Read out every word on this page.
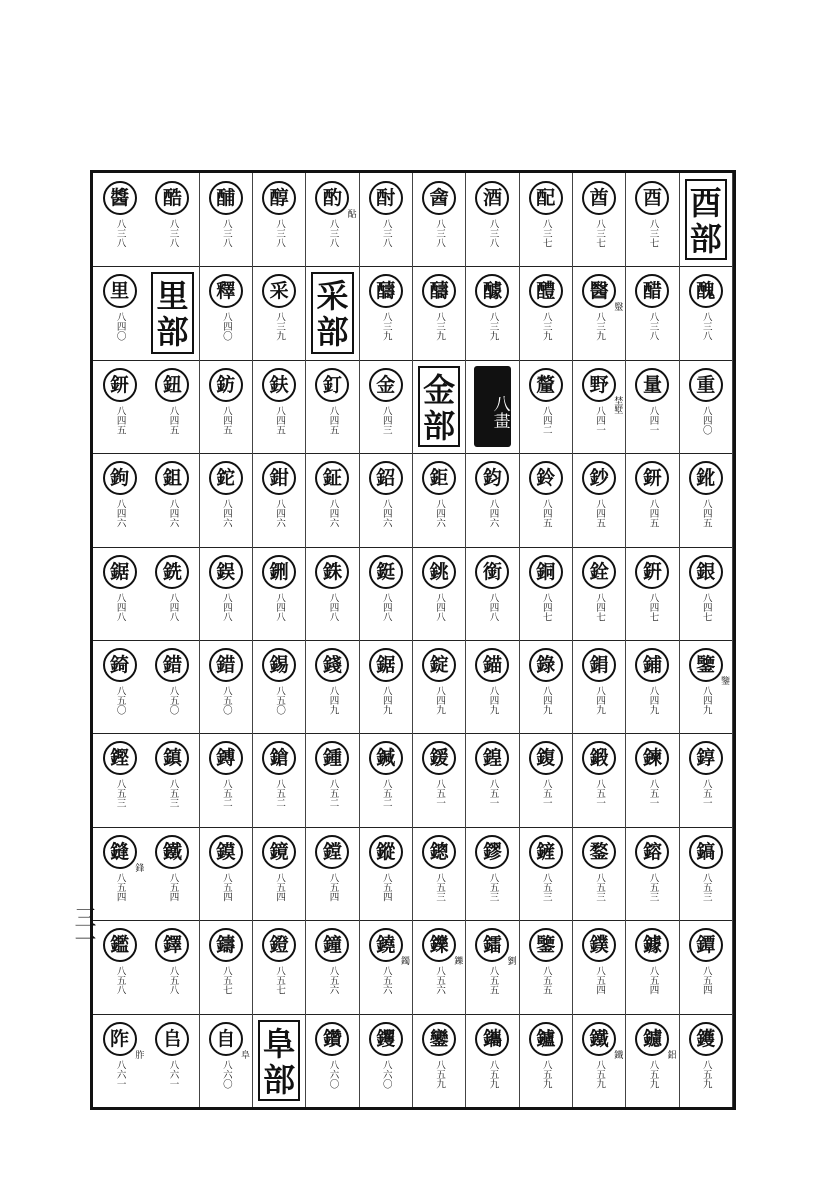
酉
部
酉
八三七
酋
八三七
配
八三七
酒
八三八
酓
八三八
酎
八三八
酌
八三八
酟
醇
八三八
酺
八三八
酷
八三八
醬
八三八
醜
八三八
醋
八三八
醫
八三九
毉
醴
八三九
醵
八三九
醻
八三九
醻
八三九
采
部
采
八三九
釋
八四〇
里
部
里
八四〇
重
八四〇
量
八四一
野
八四一
埜墅
釐
八四二
八畫
金
部
金
八四三
釘
八四五
鈇
八四五
鈁
八四五
鈕
八四五
鈃
八四五
鈋
八四五
鈃
八四五
鈔
八四五
鈴
八四五
鈞
八四六
鉅
八四六
鉊
八四六
鉦
八四六
鉗
八四六
鉈
八四六
鉏
八四六
鉤
八四六
銀
八四七
銒
八四七
銓
八四七
銅
八四七
銜
八四八
銚
八四八
鋌
八四八
銖
八四八
鉶
八四八
鋘
八四八
銑
八四八
鋸
八四八
鑒
八四九
鑒
鋪
八四九
鋗
八四九
錄
八四九
錨
八四九
錠
八四九
鋸
八四九
錢
八四九
錫
八五〇
錯
八五〇
錯
八五〇
錡
八五〇
錞
八五一
鍊
八五一
鍛
八五一
鍑
八五一
鍠
八五一
鍰
八五一
鍼
八五二
鍾
八五二
鎗
八五二
鎛
八五二
鎮
八五三
鏗
八五三
鎬
八五三
鎔
八五三
鍪
八五三
鏟
八五三
鏐
八五三
鏓
八五三
鏦
八五四
鏜
八五四
鏡
八五四
鏌
八五四
鐵
八五四
鏠
八五四
鋒
鐔
八五四
鐻
八五四
鏷
八五四
鑒
八五五
鐳
八五五
劉
鑠
八五六
鑠
鐃
八五六
鐲
鐘
八五六
鐙
八五七
鑄
八五七
鐸
八五八
鑑
八五八
鑊
八五九
鑢
八五九
鋁
鐵
八五九
鐵
鑪
八五九
鑴
八五九
鑾
八五九
钁
八六〇
鑽
八六〇
阜
部
自
八六〇
阜
𠂤
八六一
阼
八六一
胙
三一
